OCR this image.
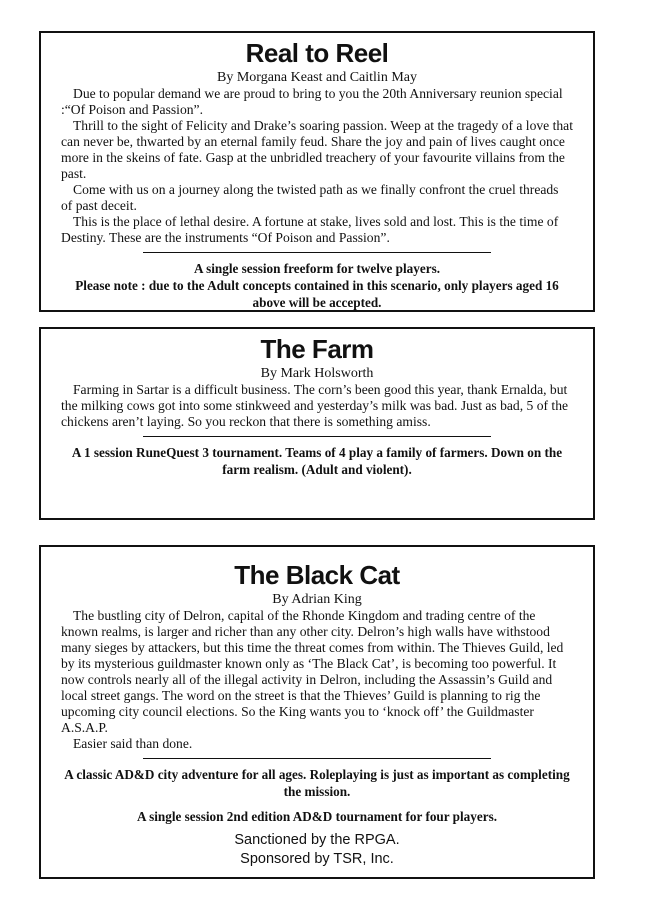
Real to Reel

By Morgana Keast and Caitlin May

Due to popular demand we are proud to bring to you the 20th Anniversary reunion special :“Of Poison and Passion”.

Thrill to the sight of Felicity and Drake’s soaring passion. Weep at the tragedy of a love that can never be, thwarted by an eternal family feud. Share the joy and pain of lives caught once more in the skeins of fate. Gasp at the unbridled treachery of your favourite villains from the past.

Come with us on a journey along the twisted path as we finally confront the cruel threads of past deceit.

This is the place of lethal desire. A fortune at stake, lives sold and lost. This is the time of Destiny. These are the instruments “Of Poison and Passion”.

A single session freeform for twelve players.

Please note : due to the Adult concepts contained in this scenario, only players aged 16 above will be accepted.

The Farm

By Mark Holsworth

Farming in Sartar is a difficult business. The corn’s been good this year, thank Ernalda, but the milking cows got into some stinkweed and yesterday’s milk was bad. Just as bad, 5 of the chickens aren’t laying. So you reckon that there is something amiss.

A 1 session RuneQuest 3 tournament. Teams of 4 play a family of farmers. Down on the farm realism. (Adult and violent).

The Black Cat

By Adrian King

The bustling city of Delron, capital of the Rhonde Kingdom and trading centre of the known realms, is larger and richer than any other city. Delron’s high walls have withstood many sieges by attackers, but this time the threat comes from within. The Thieves Guild, led by its mysterious guildmaster known only as ‘The Black Cat’, is becoming too powerful. It now controls nearly all of the illegal activity in Delron, including the Assassin’s Guild and local street gangs. The word on the street is that the Thieves’ Guild is planning to rig the upcoming city council elections. So the King wants you to ‘knock off’ the Guildmaster A.S.A.P.

Easier said than done.

A classic AD&D city adventure for all ages. Roleplaying is just as important as completing the mission.

A single session 2nd edition AD&D tournament for four players.

Sanctioned by the RPGA.

Sponsored by TSR, Inc.
